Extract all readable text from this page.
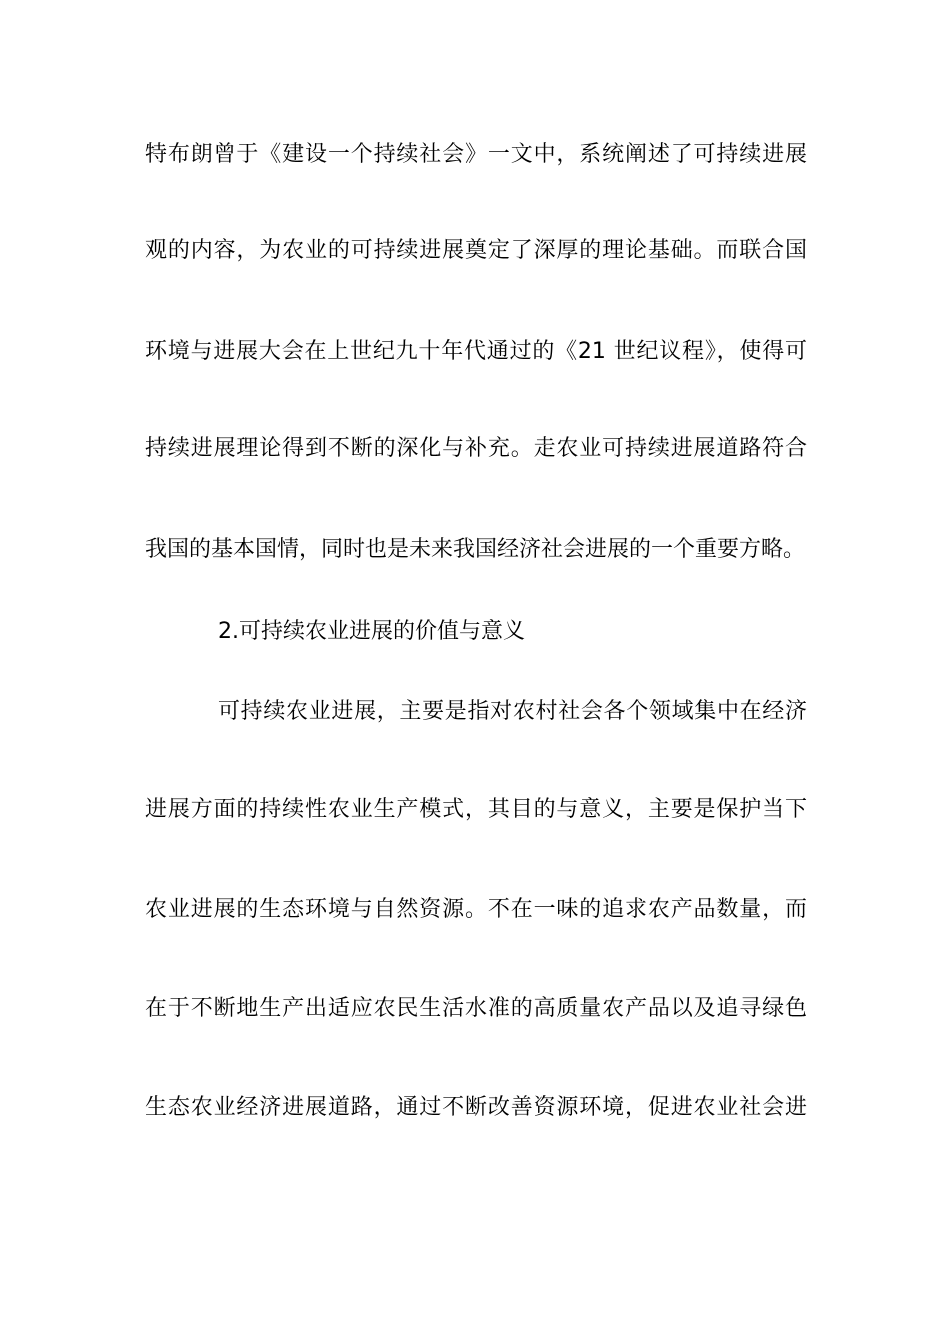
特布朗曾于《建设一个持续社会》一文中，系统阐述了可持续进展
观的内容，为农业的可持续进展奠定了深厚的理论基础。而联合国
环境与进展大会在上世纪九十年代通过的《21 世纪议程》，使得可
持续进展理论得到不断的深化与补充。走农业可持续进展道路符合
我国的基本国情，同时也是未来我国经济社会进展的一个重要方略。
2.可持续农业进展的价值与意义
可持续农业进展，主要是指对农村社会各个领域集中在经济
进展方面的持续性农业生产模式，其目的与意义，主要是保护当下
农业进展的生态环境与自然资源。不在一味的追求农产品数量，而
在于不断地生产出适应农民生活水准的高质量农产品以及追寻绿色
生态农业经济进展道路，通过不断改善资源环境，促进农业社会进
